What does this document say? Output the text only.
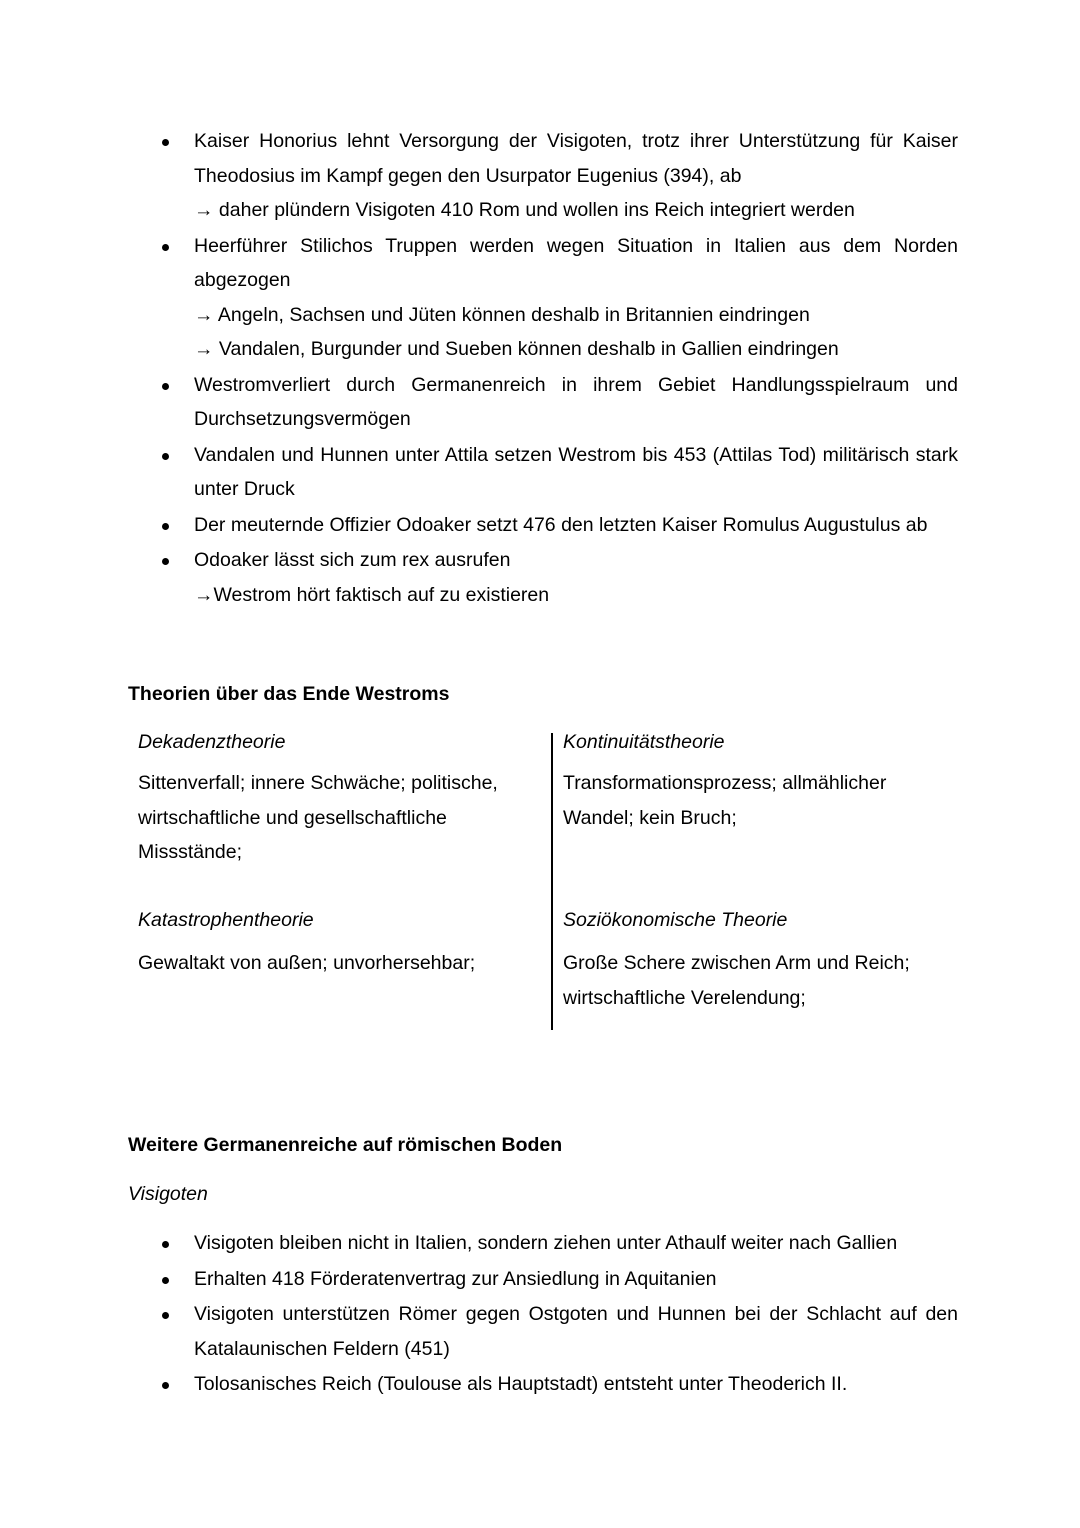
Kaiser Honorius lehnt Versorgung der Visigoten, trotz ihrer Unterstützung für Kaiser Theodosius im Kampf gegen den Usurpator Eugenius (394), ab
→ daher plündern Visigoten 410 Rom und wollen ins Reich integriert werden
Heerführer Stilichos Truppen werden wegen Situation in Italien aus dem Norden abgezogen
→ Angeln, Sachsen und Jüten können deshalb in Britannien eindringen
→ Vandalen, Burgunder und Sueben können deshalb in Gallien eindringen
Westromverliert durch Germanenreich in ihrem Gebiet Handlungsspielraum und Durchsetzungsvermögen
Vandalen und Hunnen unter Attila setzen Westrom bis 453 (Attilas Tod) militärisch stark unter Druck
Der meuternde Offizier Odoaker setzt 476 den letzten Kaiser Romulus Augustulus ab
Odoaker lässt sich zum rex ausrufen
→Westrom hört faktisch auf zu existieren
Theorien über das Ende Westroms
Dekadenztheorie
Sittenverfall; innere Schwäche; politische, wirtschaftliche und gesellschaftliche Missstände;
Kontinuitätstheorie
Transformationsprozess; allmählicher Wandel; kein Bruch;
Katastrophentheorie
Gewaltakt von außen; unvorhersehbar;
Soziökonomische Theorie
Große Schere zwischen Arm und Reich; wirtschaftliche Verelendung;
Weitere Germanenreiche auf römischen Boden
Visigoten
Visigoten bleiben nicht in Italien, sondern ziehen unter Athaulf weiter nach Gallien
Erhalten 418 Förderatenvertrag zur Ansiedlung in Aquitanien
Visigoten unterstützen Römer gegen Ostgoten und Hunnen bei der Schlacht auf den Katalaunischen Feldern (451)
Tolosanisches Reich (Toulouse als Hauptstadt) entsteht unter Theoderich II.
